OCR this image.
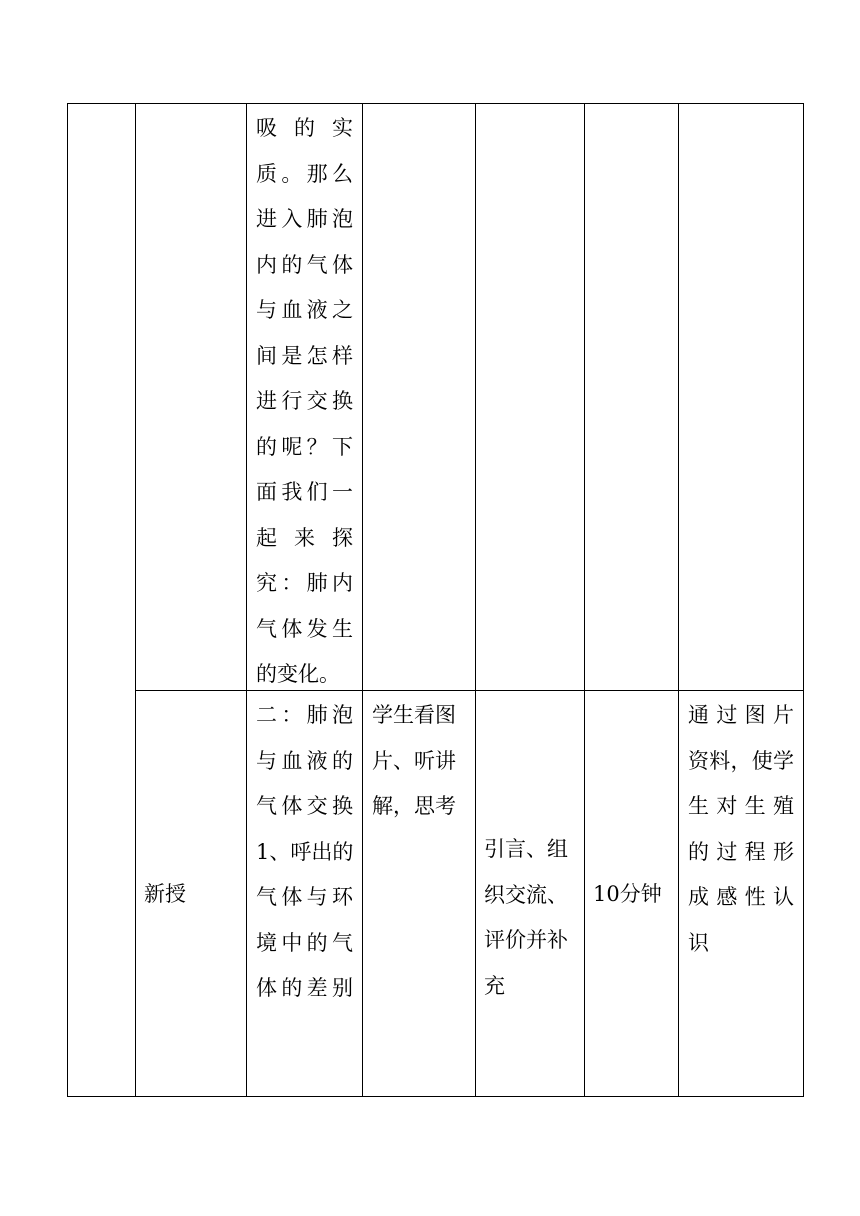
吸的实
质。那么
进入肺泡
内的气体
与血液之
间是怎样
进行交换
的呢？下
面我们一
起来探
究：肺内
气体发生
的变化。
新授
二：肺泡
与血液的
气体交换
1、呼出的
气体与环
境中的气
体的差别
学生看图
片、听讲
解，思考
引言、组
织交流、
评价并补
充
10分钟
通过图片
资料，使学
生对生殖
的过程形
成感性认
识
